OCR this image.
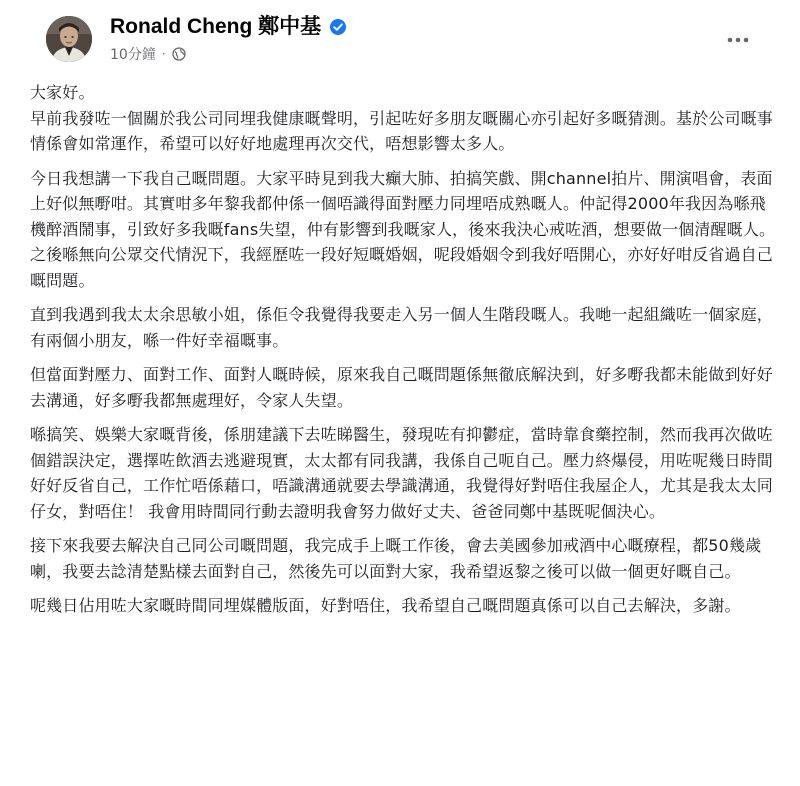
Ronald Cheng 鄭中基
10分鐘 ·

大家好。
早前我發咗一個關於我公司同埋我健康嘅聲明，引起咗好多朋友嘅關心亦引起好多嘅猜測。基於公司嘅事情係會如常運作，希望可以好好地處理再次交代，唔想影響太多人。

今日我想講一下我自己嘅問題。大家平時見到我大癲大肺、拍搞笑戲、開channel拍片、開演唱會，表面上好似無嘢咁。其實咁多年黎我都仲係一個唔識得面對壓力同埋唔成熟嘅人。仲記得2000年我因為喺飛機醉酒鬧事，引致好多我嘅fans失望，仲有影響到我嘅家人，後來我決心戒咗酒，想要做一個清醒嘅人。之後喺無向公眾交代情況下，我經歷咗一段好短嘅婚姻，呢段婚姻令到我好唔開心，亦好好咁反省過自己嘅問題。

直到我遇到我太太余思敏小姐，係佢令我覺得我要走入另一個人生階段嘅人。我哋一起組織咗一個家庭，有兩個小朋友，喺一件好幸福嘅事。

但當面對壓力、面對工作、面對人嘅時候，原來我自己嘅問題係無徹底解決到，好多嘢我都未能做到好好去溝通，好多嘢我都無處理好，令家人失望。

喺搞笑、娛樂大家嘅背後，係朋建議下去咗睇醫生，發現咗有抑鬱症，當時靠食藥控制，然而我再次做咗個錯誤決定，選擇咗飲酒去逃避現實，太太都有同我講，我係自己呃自己。壓力終爆侵，用咗呢幾日時間好好反省自己，工作忙唔係藉口，唔識溝通就要去學識溝通，我覺得好對唔住我屋企人，尤其是我太太同仔女，對唔住！ 我會用時間同行動去證明我會努力做好丈夫、爸爸同鄭中基既呢個決心。

接下來我要去解決自己同公司嘅問題，我完成手上嘅工作後，會去美國參加戒酒中心嘅療程，都50幾歲喇，我要去諗清楚點樣去面對自己，然後先可以面對大家，我希望返黎之後可以做一個更好嘅自己。

呢幾日佔用咗大家嘅時間同埋媒體版面，好對唔住，我希望自己嘅問題真係可以自己去解決，多謝。
